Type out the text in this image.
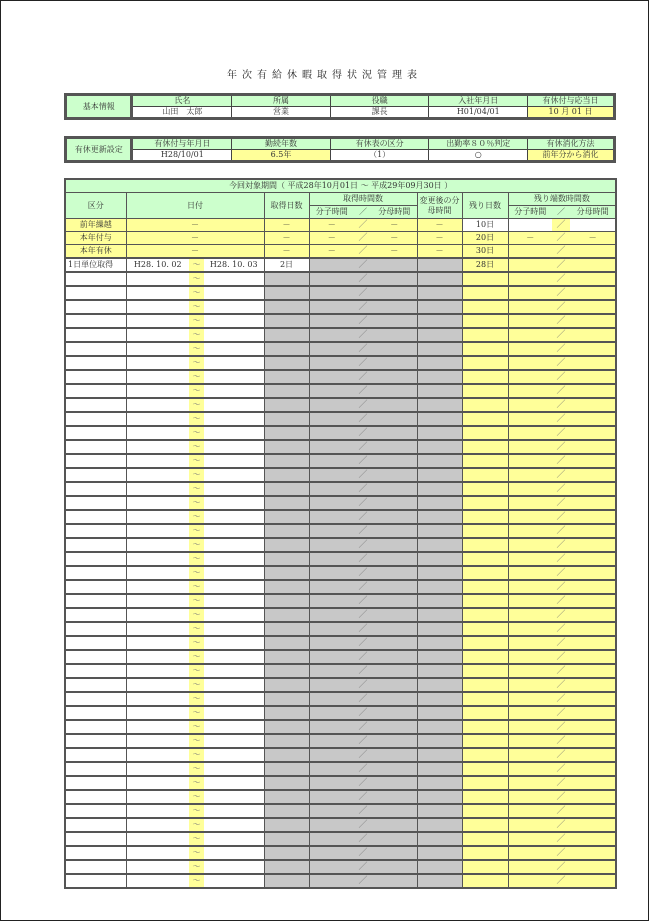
年次有給休暇取得状況管理表
基本情報	氏名	所属	役職	入社年月日	有休付与応当日
	山田　太郎	営業	課長	H01/04/01	10 月 01 日
有休更新設定	有休付与年月日	勤続年数	有休表の区分	出勤率８０％判定	有休消化方法
	H28/10/01	6.5年	（1）	○	前年分から消化
今回対象期間（ 平成28年10月01日 ～ 平成29年09月30日 ）												
区分	日付			取得日数	取得時間数			変更後の分母時間	残り日数	残り端数時間数		
					分子時間	／	分母時間			分子時間	／	分母時間
前年繰越	－			－	－	／	－	－	10日		／	
本年付与	－			－	－	／	－	－	20日	－	／	－
本年有休	－			－	－	／	－	－	30日		／	
1日単位取得	H28. 10. 02	～	H28. 10. 03	2日		／			28日		／	
		～				／					／	
		～				／					／	
		～				／					／	
		～				／					／	
		～				／					／	
		～				／					／	
		～				／					／	
		～				／					／	
		～				／					／	
		～				／					／	
		～				／					／	
		～				／					／	
		～				／					／	
		～				／					／	
		～				／					／	
		～				／					／	
		～				／					／	
		～				／					／	
		～				／					／	
		～				／					／	
		～				／					／	
		～				／					／	
		～				／					／	
		～				／					／	
		～				／					／	
		～				／					／	
		～				／					／	
		～				／					／	
		～				／					／	
		～				／					／	
		～				／					／	
		～				／					／	
		～				／					／	
		～				／					／	
		～				／					／	
		～				／					／	
		～				／					／	
		～				／					／	
		～				／					／	
		～				／					／	
		～				／					／	
		～				／					／	
		～				／					／	
		～				／					／	
